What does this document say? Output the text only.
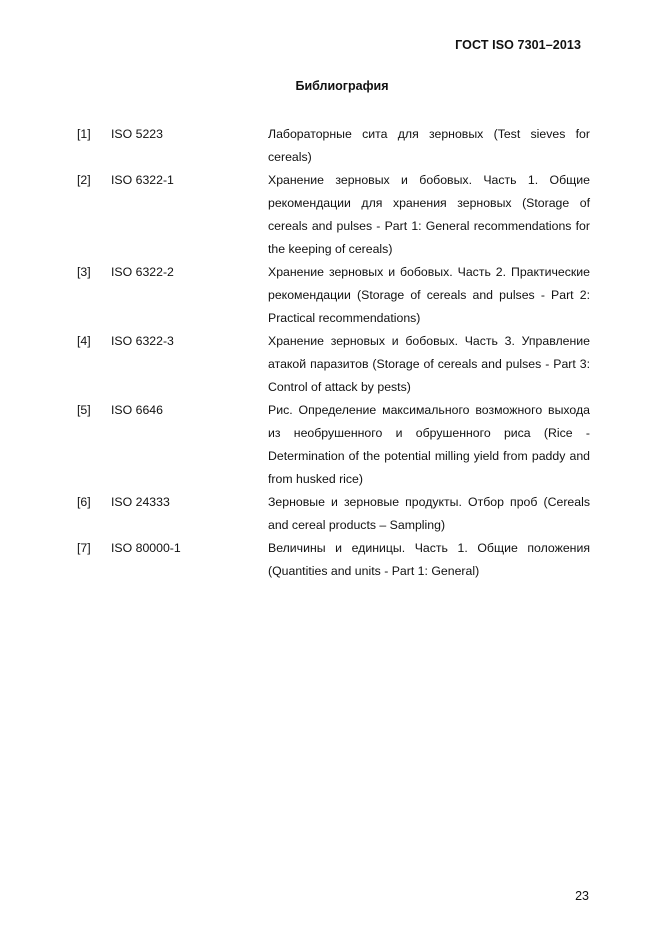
ГОСТ ISO 7301–2013
Библиография
[1]	ISO 5223	Лабораторные сита для зерновых (Test sieves for cereals)
[2]	ISO 6322-1	Хранение зерновых и бобовых. Часть 1. Общие рекомендации для хранения зерновых (Storage of cereals and pulses - Part 1: General recommendations for the keeping of cereals)
[3]	ISO 6322-2	Хранение зерновых и бобовых. Часть 2. Практические рекомендации (Storage of cereals and pulses - Part 2: Practical recommendations)
[4]	ISO 6322-3	Хранение зерновых и бобовых. Часть 3. Управление атакой паразитов (Storage of cereals and pulses - Part 3: Control of attack by pests)
[5]	ISO 6646	Рис. Определение максимального возможного выхода из необрушенного и обрушенного риса (Rice - Determination of the potential milling yield from paddy and from husked rice)
[6]	ISO 24333	Зерновые и зерновые продукты. Отбор проб (Cereals and cereal products – Sampling)
[7]	ISO 80000-1	Величины и единицы. Часть 1. Общие положения (Quantities and units - Part 1: General)
23
